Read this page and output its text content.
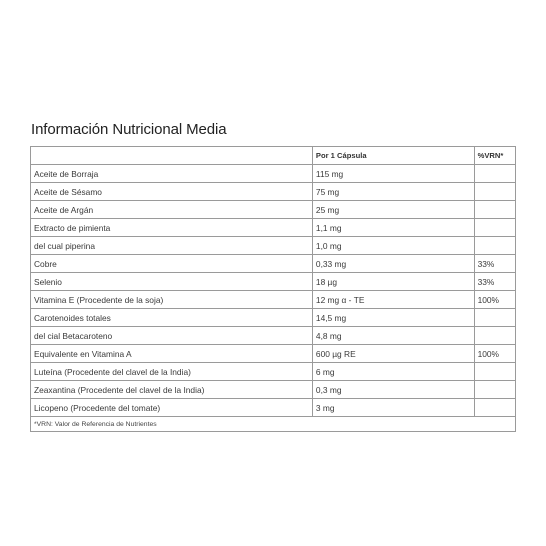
Información Nutricional Media
	Por 1 Cápsula	%VRN*
Aceite de Borraja	115 mg	
Aceite de Sésamo	75 mg	
Aceite de Argán	25 mg	
Extracto de pimienta	1,1 mg	
del cual piperina	1,0 mg	
Cobre	0,33 mg	33%
Selenio	18 µg	33%
Vitamina E (Procedente de la soja)	12 mg α - TE	100%
Carotenoides totales	14,5 mg	
del cial Betacaroteno	4,8 mg	
Equivalente en Vitamina A	600 µg RE	100%
Luteína (Procedente del clavel de la India)	6 mg	
Zeaxantina (Procedente del clavel de la India)	0,3 mg	
Licopeno (Procedente del tomate)	3 mg	
*VRN: Valor de Referencia de Nutrientes		
